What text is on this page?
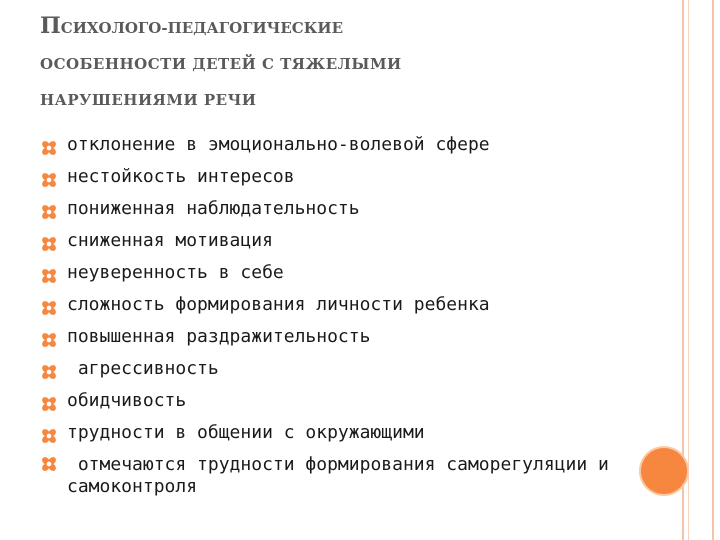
ПСИХОЛОГО-ПЕДАГОГИЧЕСКИЕ
ОСОБЕННОСТИ ДЕТЕЙ С ТЯЖЕЛЫМИ
НАРУШЕНИЯМИ РЕЧИ
отклонение в эмоционально-волевой сфере
нестойкость интересов
пониженная наблюдательность
сниженная мотивация
неуверенность в себе
сложность формирования личности ребенка
повышенная раздражительность
агрессивность
обидчивость
трудности в общении с окружающими
отмечаются трудности формирования саморегуляции и самоконтроля
